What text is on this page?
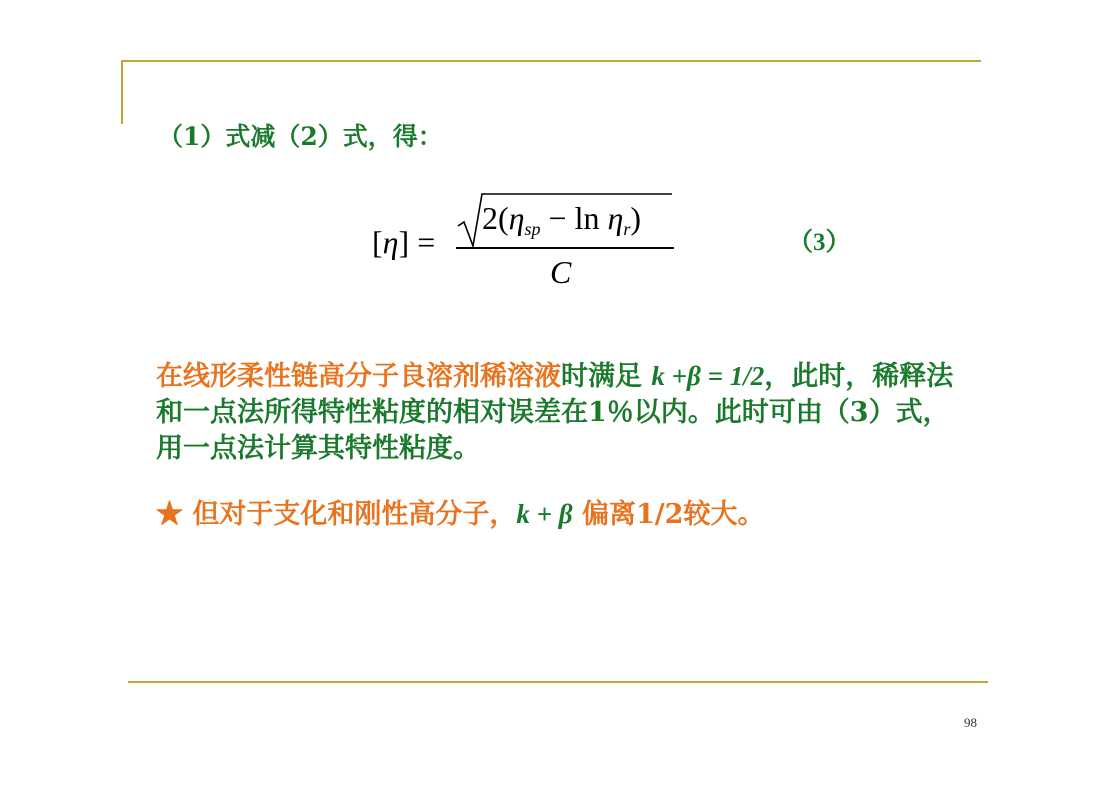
（1）式减（2）式，得：
[η] =
$2(\eta_{sp} - \ln \eta_r)$
C
（3）
在线形柔性链高分子良溶剂稀溶液时满足 k +β = 1/2，此时，稀释法和一点法所得特性粘度的相对误差在1％以内。此时可由（3）式，用一点法计算其特性粘度。
★ 但对于支化和刚性高分子，k + β 偏离1/2较大。
98
